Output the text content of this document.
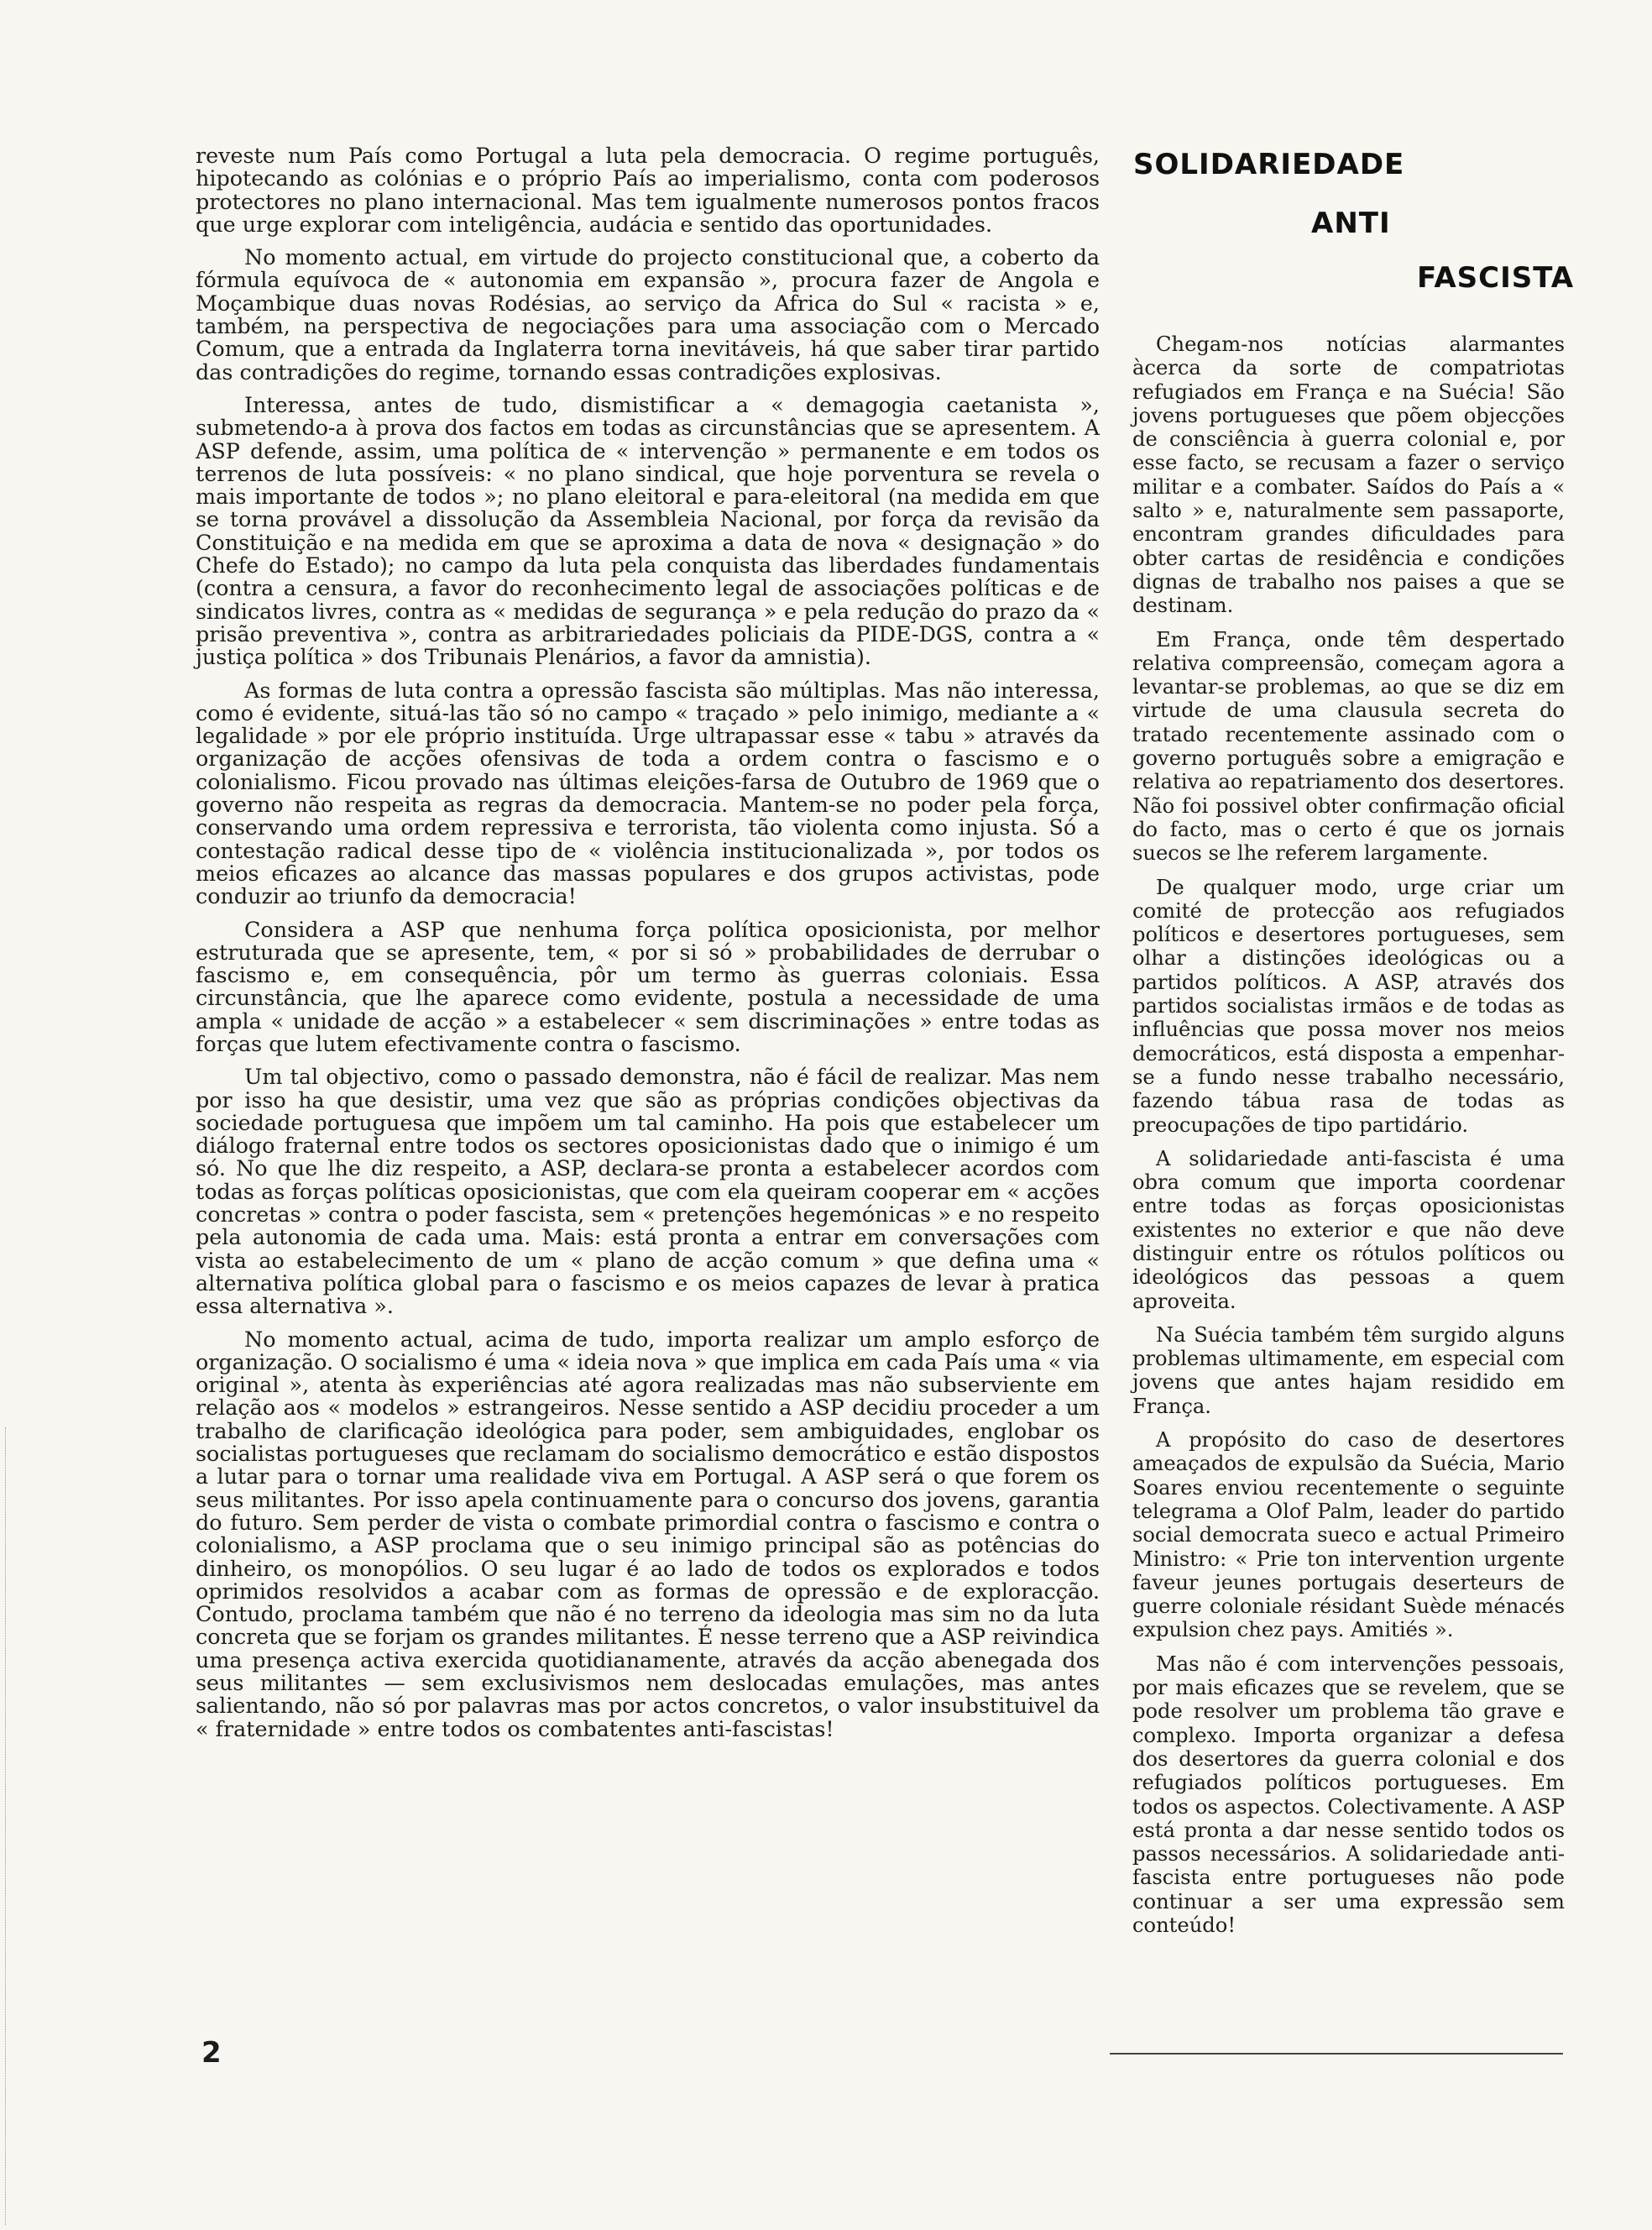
reveste num País como Portugal a luta pela democracia. O regime português, hipotecando as colónias e o próprio País ao imperialismo, conta com poderosos protectores no plano internacional. Mas tem igualmente numerosos pontos fracos que urge explorar com inteligência, audácia e sentido das oportunidades.

No momento actual, em virtude do projecto constitucional que, a coberto da fórmula equívoca de « autonomia em expansão », procura fazer de Angola e Moçambique duas novas Rodésias, ao serviço da Africa do Sul « racista » e, também, na perspectiva de negociações para uma associação com o Mercado Comum, que a entrada da Inglaterra torna inevitáveis, há que saber tirar partido das contradições do regime, tornando essas contradições explosivas.

Interessa, antes de tudo, dismistificar a « demagogia caetanista », submetendo-a à prova dos factos em todas as circunstâncias que se apresentem. A ASP defende, assim, uma política de « intervenção » permanente e em todos os terrenos de luta possíveis: « no plano sindical, que hoje porventura se revela o mais importante de todos »; no plano eleitoral e para-eleitoral (na medida em que se torna provável a dissolução da Assembleia Nacional, por força da revisão da Constituição e na medida em que se aproxima a data de nova « designação » do Chefe do Estado); no campo da luta pela conquista das liberdades fundamentais (contra a censura, a favor do reconhecimento legal de associações políticas e de sindicatos livres, contra as « medidas de segurança » e pela redução do prazo da « prisão preventiva », contra as arbitrariedades policiais da PIDE-DGS, contra a « justiça política » dos Tribunais Plenários, a favor da amnistia).

As formas de luta contra a opressão fascista são múltiplas. Mas não interessa, como é evidente, situá-las tão só no campo « traçado » pelo inimigo, mediante a « legalidade » por ele próprio instituída. Urge ultrapassar esse « tabu » através da organização de acções ofensivas de toda a ordem contra o fascismo e o colonialismo. Ficou provado nas últimas eleições-farsa de Outubro de 1969 que o governo não respeita as regras da democracia. Mantem-se no poder pela força, conservando uma ordem repressiva e terrorista, tão violenta como injusta. Só a contestação radical desse tipo de « violência institucionalizada », por todos os meios eficazes ao alcance das massas populares e dos grupos activistas, pode conduzir ao triunfo da democracia!

Considera a ASP que nenhuma força política oposicionista, por melhor estruturada que se apresente, tem, « por si só » probabilidades de derrubar o fascismo e, em consequência, pôr um termo às guerras coloniais. Essa circunstância, que lhe aparece como evidente, postula a necessidade de uma ampla « unidade de acção » a estabelecer « sem discriminações » entre todas as forças que lutem efectivamente contra o fascismo.

Um tal objectivo, como o passado demonstra, não é fácil de realizar. Mas nem por isso ha que desistir, uma vez que são as próprias condições objectivas da sociedade portuguesa que impõem um tal caminho. Ha pois que estabelecer um diálogo fraternal entre todos os sectores oposicionistas dado que o inimigo é um só. No que lhe diz respeito, a ASP, declara-se pronta a estabelecer acordos com todas as forças políticas oposicionistas, que com ela queiram cooperar em « acções concretas » contra o poder fascista, sem « pretenções hegemónicas » e no respeito pela autonomia de cada uma. Mais: está pronta a entrar em conversações com vista ao estabelecimento de um « plano de acção comum » que defina uma « alternativa política global para o fascismo e os meios capazes de levar à pratica essa alternativa ».

No momento actual, acima de tudo, importa realizar um amplo esforço de organização. O socialismo é uma « ideia nova » que implica em cada País uma « via original », atenta às experiências até agora realizadas mas não subserviente em relação aos « modelos » estrangeiros. Nesse sentido a ASP decidiu proceder a um trabalho de clarificação ideológica para poder, sem ambiguidades, englobar os socialistas portugueses que reclamam do socialismo democrático e estão dispostos a lutar para o tornar uma realidade viva em Portugal. A ASP será o que forem os seus militantes. Por isso apela continuamente para o concurso dos jovens, garantia do futuro. Sem perder de vista o combate primordial contra o fascismo e contra o colonialismo, a ASP proclama que o seu inimigo principal são as potências do dinheiro, os monopólios. O seu lugar é ao lado de todos os explorados e todos oprimidos resolvidos a acabar com as formas de opressão e de exploracção. Contudo, proclama também que não é no terreno da ideologia mas sim no da luta concreta que se forjam os grandes militantes. É nesse terreno que a ASP reivindica uma presença activa exercida quotidianamente, através da acção abenegada dos seus militantes — sem exclusivismos nem deslocadas emulações, mas antes salientando, não só por palavras mas por actos concretos, o valor insubstituivel da « fraternidade » entre todos os combatentes anti-fascistas!

SOLIDARIEDADE
ANTI
FASCISTA

Chegam-nos notícias alarmantes àcerca da sorte de compatriotas refugiados em França e na Suécia! São jovens portugueses que põem objecções de consciência à guerra colonial e, por esse facto, se recusam a fazer o serviço militar e a combater. Saídos do País a « salto » e, naturalmente sem passaporte, encontram grandes dificuldades para obter cartas de residência e condições dignas de trabalho nos paises a que se destinam.

Em França, onde têm despertado relativa compreensão, começam agora a levantar-se problemas, ao que se diz em virtude de uma clausula secreta do tratado recentemente assinado com o governo português sobre a emigração e relativa ao repatriamento dos desertores. Não foi possivel obter confirmação oficial do facto, mas o certo é que os jornais suecos se lhe referem largamente.

De qualquer modo, urge criar um comité de protecção aos refugiados políticos e desertores portugueses, sem olhar a distinções ideológicas ou a partidos políticos. A ASP, através dos partidos socialistas irmãos e de todas as influências que possa mover nos meios democráticos, está disposta a empenhar-se a fundo nesse trabalho necessário, fazendo tábua rasa de todas as preocupações de tipo partidário.

A solidariedade anti-fascista é uma obra comum que importa coordenar entre todas as forças oposicionistas existentes no exterior e que não deve distinguir entre os rótulos políticos ou ideológicos das pessoas a quem aproveita.

Na Suécia também têm surgido alguns problemas ultimamente, em especial com jovens que antes hajam residido em França.

A propósito do caso de desertores ameaçados de expulsão da Suécia, Mario Soares enviou recentemente o seguinte telegrama a Olof Palm, leader do partido social democrata sueco e actual Primeiro Ministro: « Prie ton intervention urgente faveur jeunes portugais deserteurs de guerre coloniale résidant Suède ménacés expulsion chez pays. Amitiés ».

Mas não é com intervenções pessoais, por mais eficazes que se revelem, que se pode resolver um problema tão grave e complexo. Importa organizar a defesa dos desertores da guerra colonial e dos refugiados políticos portugueses. Em todos os aspectos. Colectivamente. A ASP está pronta a dar nesse sentido todos os passos necessários. A solidariedade anti-fascista entre portugueses não pode continuar a ser uma expressão sem conteúdo!

2
